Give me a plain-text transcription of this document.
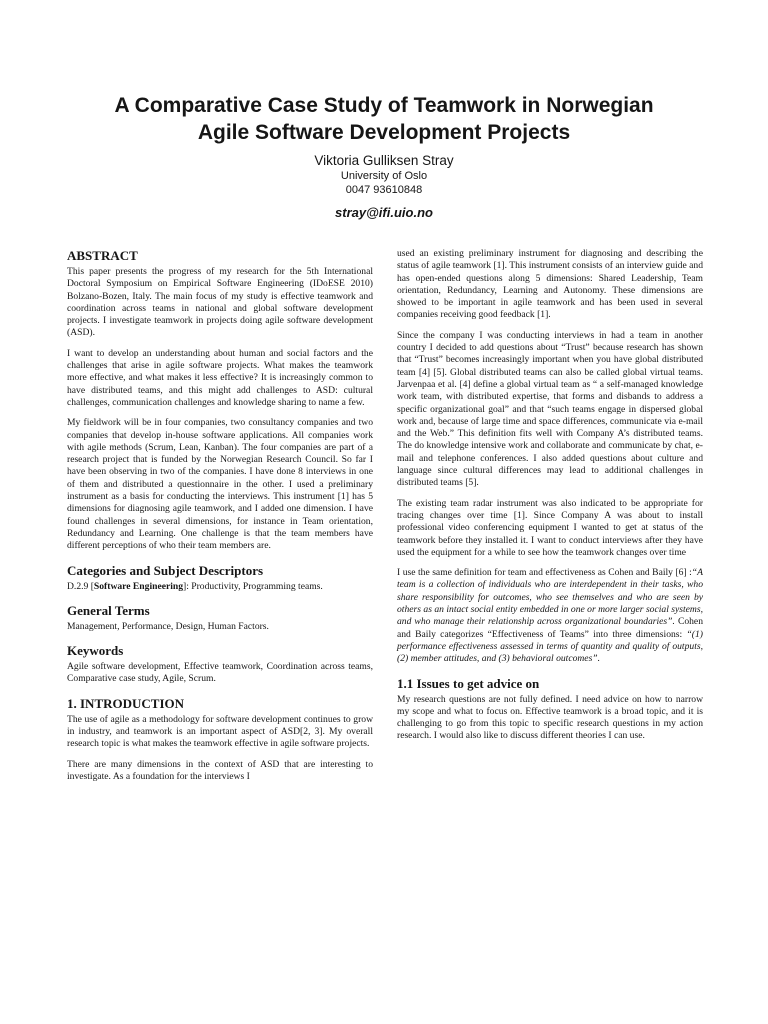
A Comparative Case Study of Teamwork in Norwegian
Agile Software Development Projects
Viktoria Gulliksen Stray
University of Oslo
0047 93610848
stray@ifi.uio.no
ABSTRACT

This paper presents the progress of my research for the 5th International Doctoral Symposium on Empirical Software Engineering (IDoESE 2010) Bolzano-Bozen, Italy. The main focus of my study is effective teamwork and coordination across teams in national and global software development projects. I investigate teamwork in projects doing agile software development (ASD).

I want to develop an understanding about human and social factors and the challenges that arise in agile software projects. What makes the teamwork more effective, and what makes it less effective? It is increasingly common to have distributed teams, and this might add challenges to ASD: cultural challenges, communication challenges and knowledge sharing to name a few.

My fieldwork will be in four companies, two consultancy companies and two companies that develop in-house software applications. All companies work with agile methods (Scrum, Lean, Kanban). The four companies are part of a research project that is funded by the Norwegian Research Council. So far I have been observing in two of the companies. I have done 8 interviews in one of them and distributed a questionnaire in the other. I used a preliminary instrument as a basis for conducting the interviews. This instrument [1] has 5 dimensions for diagnosing agile teamwork, and I added one dimension. I have found challenges in several dimensions, for instance in Team orientation, Redundancy and Learning. One challenge is that the team members have different perceptions of who their team members are.

Categories and Subject Descriptors

D.2.9 [Software Engineering]: Productivity, Programming teams.

General Terms

Management, Performance, Design, Human Factors.

Keywords

Agile software development, Effective teamwork, Coordination across teams, Comparative case study, Agile, Scrum.

1. INTRODUCTION

The use of agile as a methodology for software development continues to grow in industry, and teamwork is an important aspect of ASD[2, 3]. My overall research topic is what makes the teamwork effective in agile software projects.

There are many dimensions in the context of ASD that are interesting to investigate. As a foundation for the interviews I

used an existing preliminary instrument for diagnosing and describing the status of agile teamwork [1]. This instrument consists of an interview guide and has open-ended questions along 5 dimensions: Shared Leadership, Team orientation, Redundancy, Learning and Autonomy. These dimensions are showed to be important in agile teamwork and has been used in several companies receiving good feedback [1].

Since the company I was conducting interviews in had a team in another country I decided to add questions about “Trust” because research has shown that “Trust” becomes increasingly important when you have global distributed team [4] [5]. Global distributed teams can also be called global virtual teams. Jarvenpaa et al. [4] define a global virtual team as “ a self-managed knowledge work team, with distributed expertise, that forms and disbands to address a specific organizational goal” and that “such teams engage in dispersed global work and, because of large time and space differences, communicate via e-mail and the Web.” This definition fits well with Company A’s distributed teams. The do knowledge intensive work and collaborate and communicate by chat, e-mail and telephone conferences. I also added questions about culture and language since cultural differences may lead to additional challenges in distributed teams [5].

The existing team radar instrument was also indicated to be appropriate for tracing changes over time [1]. Since Company A was about to install professional video conferencing equipment I wanted to get at status of the teamwork before they installed it. I want to conduct interviews after they have used the equipment for a while to see how the teamwork changes over time

I use the same definition for team and effectiveness as Cohen and Baily [6] :“A team is a collection of individuals who are interdependent in their tasks, who share responsibility for outcomes, who see themselves and who are seen by others as an intact social entity embedded in one or more larger social systems, and who manage their relationship across organizational boundaries”. Cohen and Baily categorizes “Effectiveness of Teams” into three dimensions: “(1) performance effectiveness assessed in terms of quantity and quality of outputs, (2) member attitudes, and (3) behavioral outcomes”.

1.1 Issues to get advice on

My research questions are not fully defined. I need advice on how to narrow my scope and what to focus on. Effective teamwork is a broad topic, and it is challenging to go from this topic to specific research questions in my action research. I would also like to discuss different theories I can use.
